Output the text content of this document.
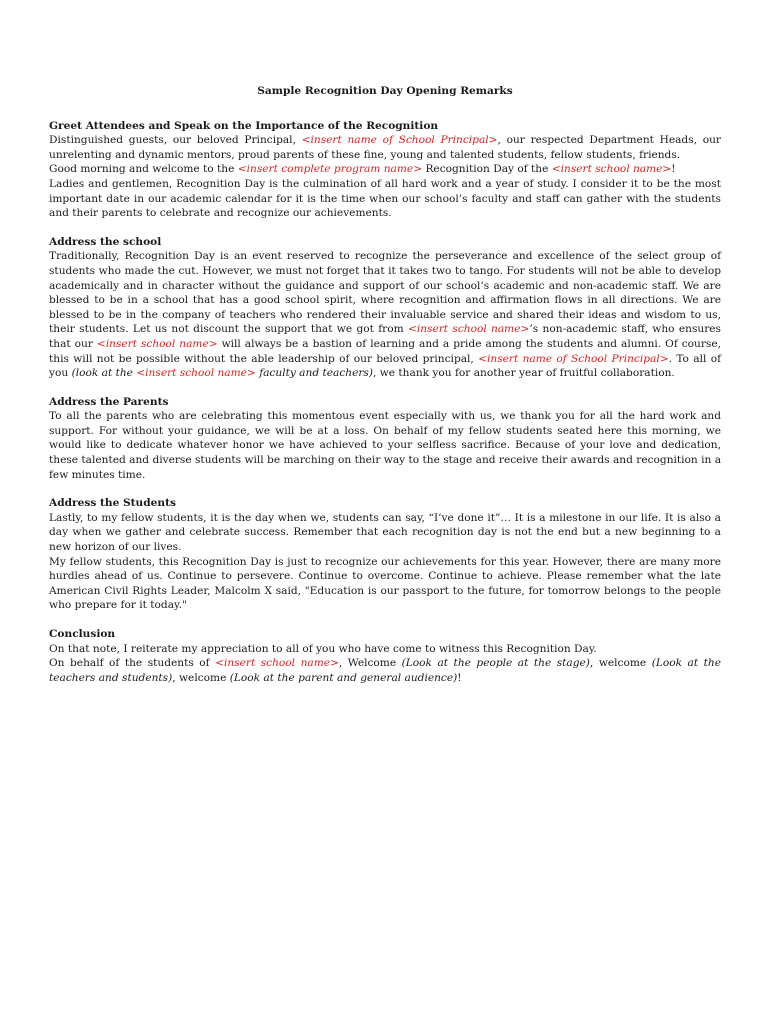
Sample Recognition Day Opening Remarks
Greet Attendees and Speak on the Importance of the Recognition

Distinguished guests, our beloved Principal, <insert name of School Principal>, our respected Department Heads, our unrelenting and dynamic mentors, proud parents of these fine, young and talented students, fellow students, friends.

Good morning and welcome to the <insert complete program name> Recognition Day of the <insert school name>!

Ladies and gentlemen, Recognition Day is the culmination of all hard work and a year of study. I consider it to be the most important date in our academic calendar for it is the time when our school’s faculty and staff can gather with the students and their parents to celebrate and recognize our achievements.

Address the school

Traditionally, Recognition Day is an event reserved to recognize the perseverance and excellence of the select group of students who made the cut. However, we must not forget that it takes two to tango. For students will not be able to develop academically and in character without the guidance and support of our school’s academic and non-academic staff. We are blessed to be in a school that has a good school spirit, where recognition and affirmation flows in all directions. We are blessed to be in the company of teachers who rendered their invaluable service and shared their ideas and wisdom to us, their students. Let us not discount the support that we got from <insert school name>’s non-academic staff, who ensures that our <insert school name> will always be a bastion of learning and a pride among the students and alumni. Of course, this will not be possible without the able leadership of our beloved principal, <insert name of School Principal>. To all of you (look at the <insert school name> faculty and teachers), we thank you for another year of fruitful collaboration.

Address the Parents

To all the parents who are celebrating this momentous event especially with us, we thank you for all the hard work and support. For without your guidance, we will be at a loss. On behalf of my fellow students seated here this morning, we would like to dedicate whatever honor we have achieved to your selfless sacrifice. Because of your love and dedication, these talented and diverse students will be marching on their way to the stage and receive their awards and recognition in a few minutes time.

Address the Students

Lastly, to my fellow students, it is the day when we, students can say, “I’ve done it”… It is a milestone in our life. It is also a day when we gather and celebrate success. Remember that each recognition day is not the end but a new beginning to a new horizon of our lives.

My fellow students, this Recognition Day is just to recognize our achievements for this year. However, there are many more hurdles ahead of us. Continue to persevere. Continue to overcome. Continue to achieve. Please remember what the late American Civil Rights Leader, Malcolm X said, "Education is our passport to the future, for tomorrow belongs to the people who prepare for it today."

Conclusion

On that note, I reiterate my appreciation to all of you who have come to witness this Recognition Day.

On behalf of the students of <insert school name>, Welcome (Look at the people at the stage), welcome (Look at the teachers and students), welcome (Look at the parent and general audience)!
